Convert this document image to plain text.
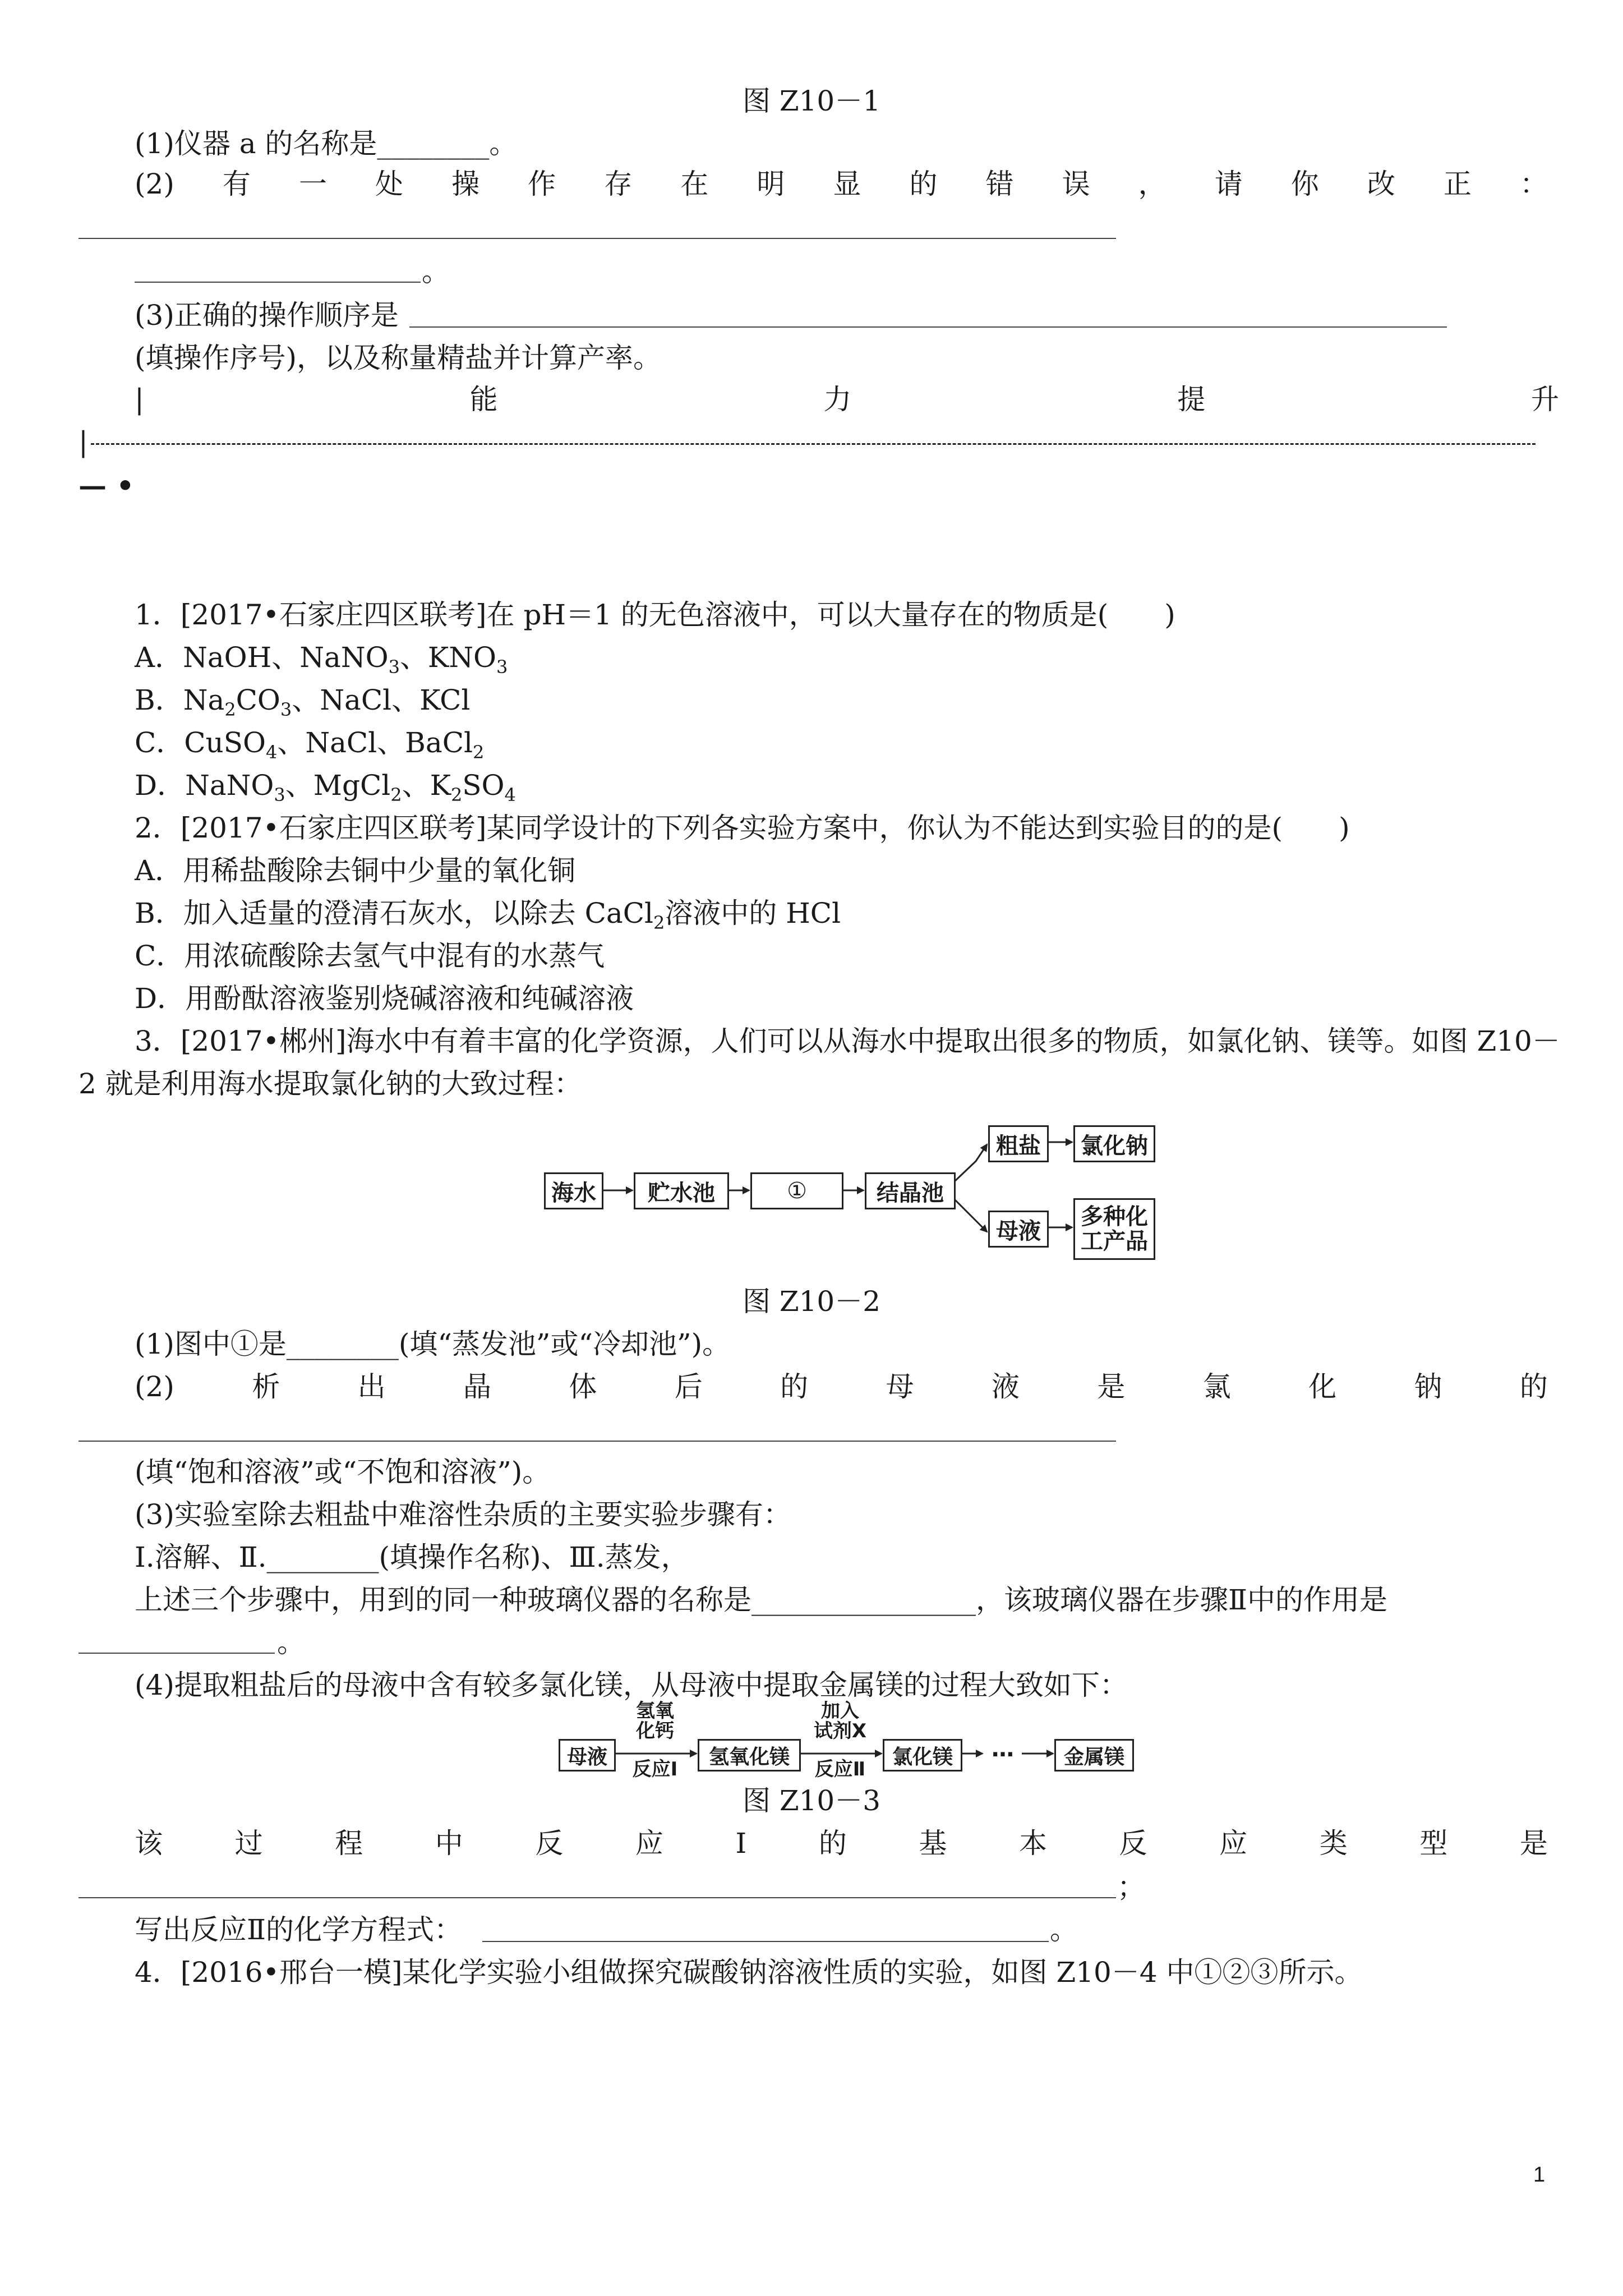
图 Z10－1
(1)仪器 a 的名称是________。
(2) 有 一 处 操 作 存 在 明 显 的 错 误 ， 请 你 改 正 ：
。
(3)正确的操作顺序是
(填操作序号)，以及称量精盐并计算产率。
|	能	力	提	升
|
— •
1．[2017•石家庄四区联考]在 pH＝1 的无色溶液中，可以大量存在的物质是(　　)
A．NaOH、NaNO$_3$、$KNO_3$
B．$Na_2CO_3$、NaCl、KCl
C．CuSO$_4$、NaCl、BaCl$_2$
D．NaNO$_3$、MgCl$_2$、$K_2SO_4$
2．[2017•石家庄四区联考]某同学设计的下列各实验方案中，你认为不能达到实验目的的是(　　)
A．用稀盐酸除去铜中少量的氧化铜
B．加入适量的澄清石灰水，以除去 CaCl$_2$溶液中的 HCl
C．用浓硫酸除去氢气中混有的水蒸气
D．用酚酞溶液鉴别烧碱溶液和纯碱溶液
3．[2017•郴州]海水中有着丰富的化学资源，人们可以从海水中提取出很多的物质，如氯化钠、镁等。如图 Z10－
2 就是利用海水提取氯化钠的大致过程：
海水	贮水池	①	结晶池
粗盐	氯化钠
母液
多种化
工产品
图 Z10－2
(1)图中①是________(填“蒸发池”或“冷却池”)。
(2)	析	出	晶	体	后	的	母	液	是	氯	化	钠	的
(填“饱和溶液”或“不饱和溶液”)。
(3)实验室除去粗盐中难溶性杂质的主要实验步骤有：
Ⅰ.溶解、Ⅱ.________(填操作名称)、Ⅲ.蒸发，
上述三个步骤中，用到的同一种玻璃仪器的名称是________________，该玻璃仪器在步骤Ⅱ中的作用是
。
(4)提取粗盐后的母液中含有较多氯化镁，从母液中提取金属镁的过程大致如下：
母液
氢氧
化钙
反应Ⅰ
氢氧化镁
加入
试剂X
反应Ⅱ
氯化镁	…	金属镁
图 Z10－3
该	过	程	中	反	应	Ⅰ	的	基	本	反	应	类	型	是
；
写出反应Ⅱ的化学方程式：	。
4．[2016•邢台一模]某化学实验小组做探究碳酸钠溶液性质的实验，如图 Z10－4 中①②③所示。
1
